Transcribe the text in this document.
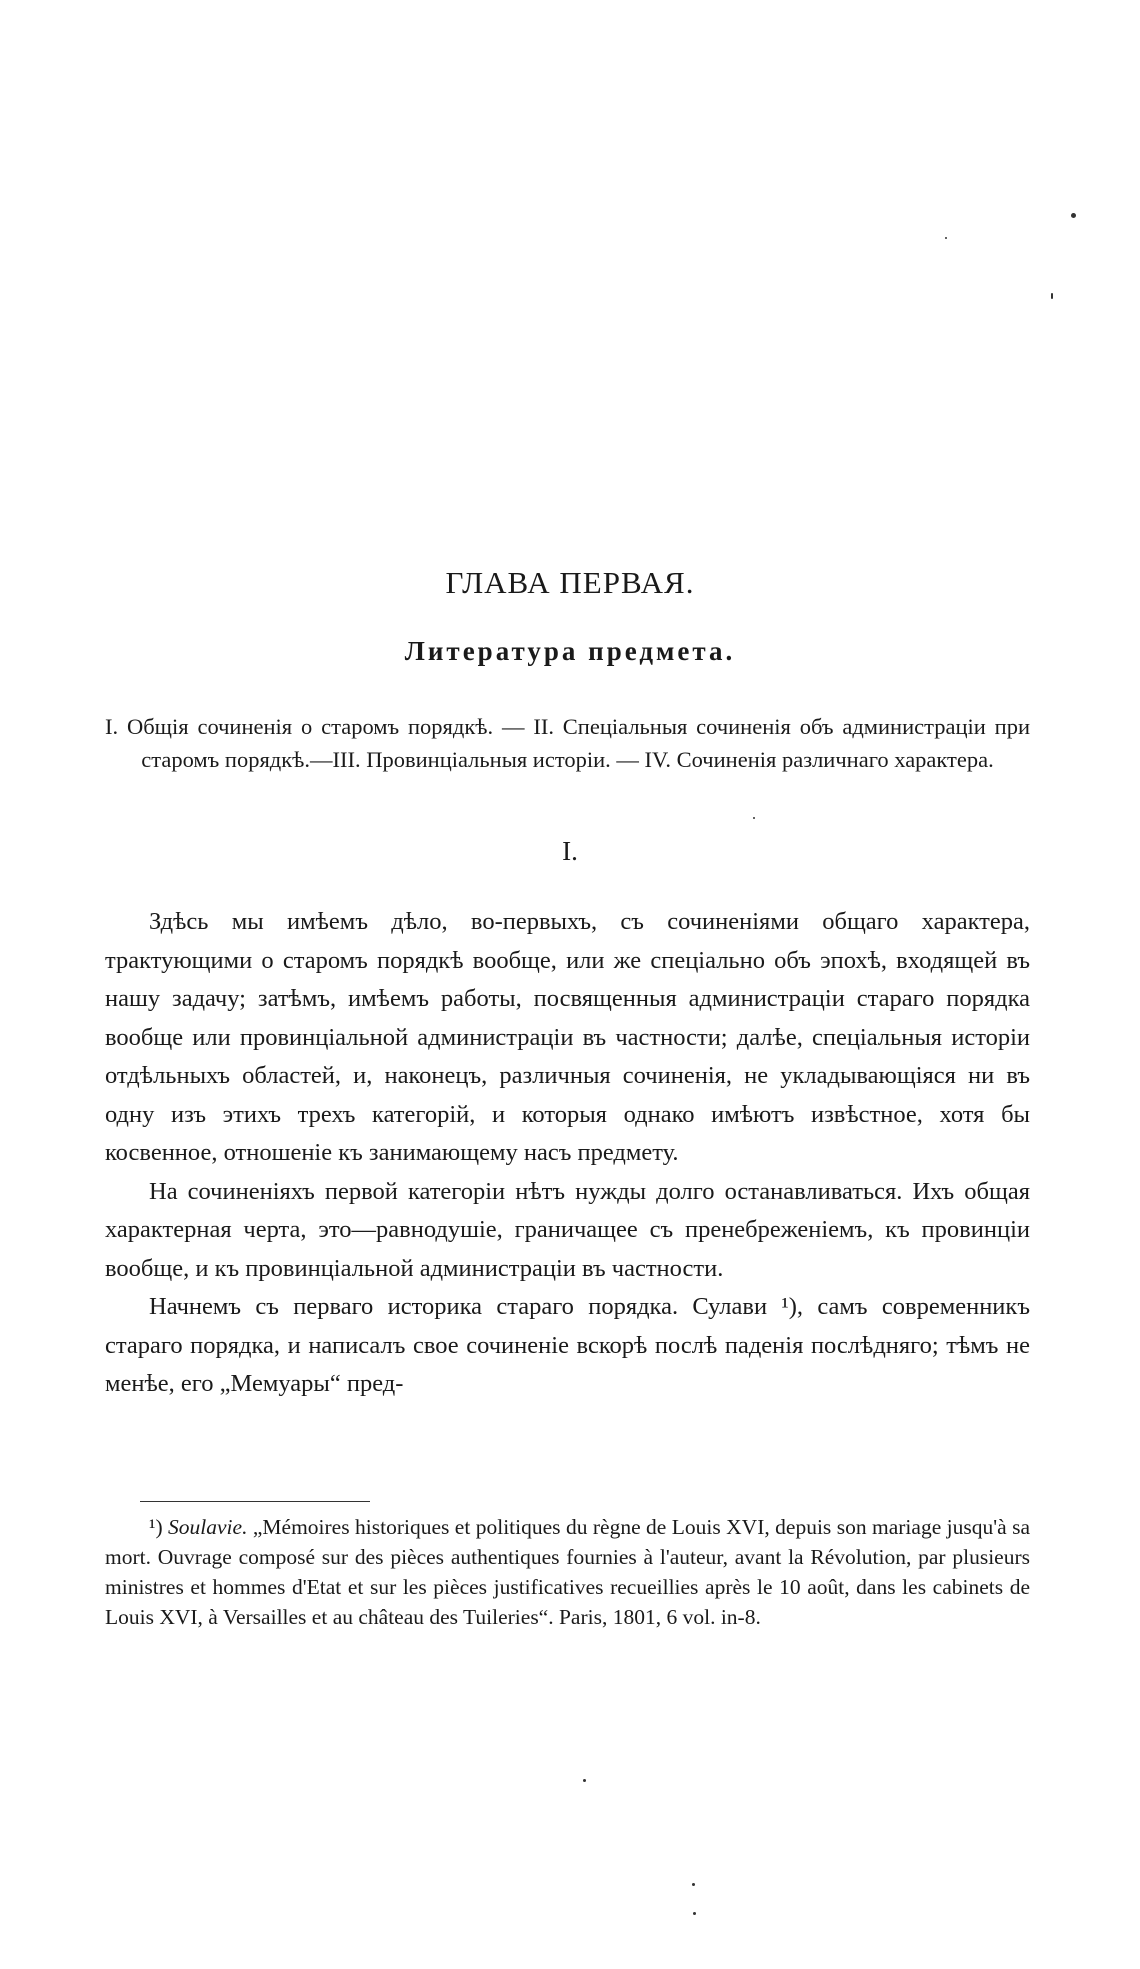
ГЛАВА ПЕРВАЯ.
Литература предмета.
I. Общія сочиненія о старомъ порядкѣ. — II. Спеціальныя сочиненія объ администраціи при старомъ порядкѣ.—III. Провинціальныя исторіи. — IV. Сочиненія различнаго характера.
I.

Здѣсь мы имѣемъ дѣло, во-первыхъ, съ сочиненіями общаго характера, трактующими о старомъ порядкѣ вообще, или же спеціально объ эпохѣ, входящей въ нашу задачу; затѣмъ, имѣемъ работы, посвященныя администраціи стараго порядка вообще или провинціальной администраціи въ частности; далѣе, спеціальныя исторіи отдѣльныхъ областей, и, наконецъ, различныя сочиненія, не укладывающіяся ни въ одну изъ этихъ трехъ категорій, и которыя однако имѣютъ извѣстное, хотя бы косвенное, отношеніе къ занимающему насъ предмету.

На сочиненіяхъ первой категоріи нѣтъ нужды долго останавливаться. Ихъ общая характерная черта, это—равнодушіе, граничащее съ пренебреженіемъ, къ провинціи вообще, и къ провинціальной администраціи въ частности.

Начнемъ съ перваго историка стараго порядка. Сулави ¹), самъ современникъ стараго порядка, и написалъ свое сочиненіе вскорѣ послѣ паденія послѣдняго; тѣмъ не менѣе, его „Мемуары“ пред-

¹) Soulavie. „Mémoires historiques et politiques du règne de Louis XVI, depuis son mariage jusqu'à sa mort. Ouvrage composé sur des pièces authentiques fournies à l'auteur, avant la Révolution, par plusieurs ministres et hommes d'Etat et sur les pièces justificatives recueillies après le 10 août, dans les cabinets de Louis XVI, à Versailles et au château des Tuileries“. Paris, 1801, 6 vol. in-8.
